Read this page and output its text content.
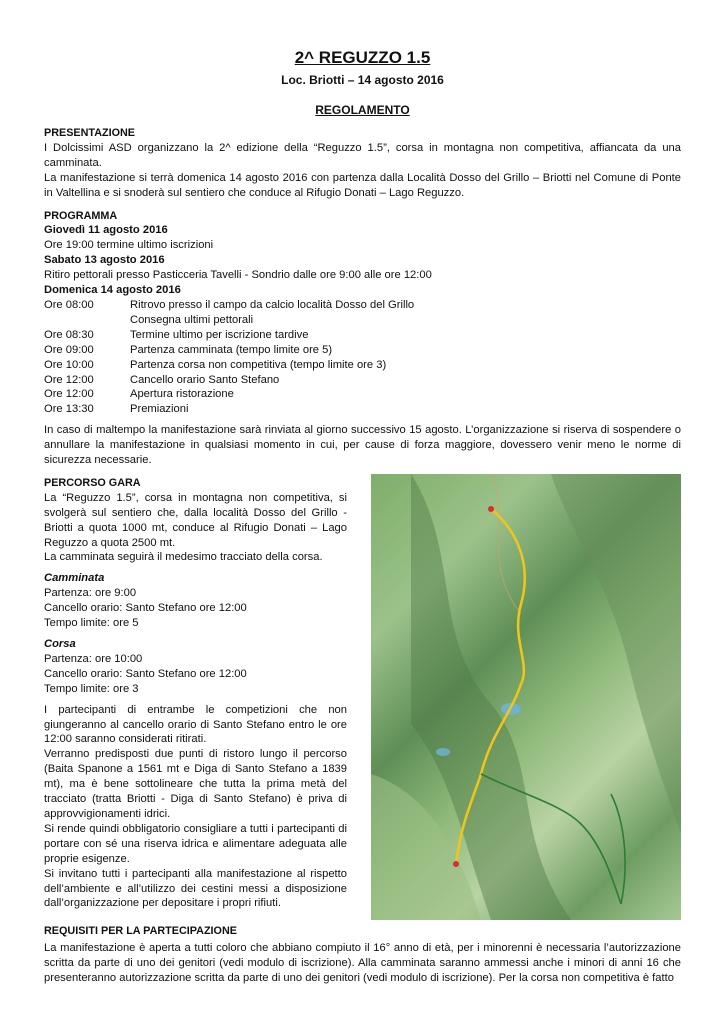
2^ REGUZZO 1.5
Loc. Briotti – 14 agosto 2016
REGOLAMENTO
PRESENTAZIONE

I Dolcissimi ASD organizzano la 2^ edizione della “Reguzzo 1.5”, corsa in montagna non competitiva, affiancata da una camminata.

La manifestazione si terrà domenica 14 agosto 2016 con partenza dalla Località Dosso del Grillo – Briotti nel Comune di Ponte in Valtellina e si snoderà sul sentiero che conduce al Rifugio Donati – Lago Reguzzo.

PROGRAMMA
Giovedì 11 agosto 2016
Ore 19:00 termine ultimo iscrizioni
Sabato 13 agosto 2016
Ritiro pettorali presso Pasticceria Tavelli - Sondrio dalle ore 9:00 alle ore 12:00
Domenica 14 agosto 2016
Ore 08:00	Ritrovo presso il campo da calcio località Dosso del Grillo
Consegna ultimi pettorali
Ore 08:30	Termine ultimo per iscrizione tardive
Ore 09:00	Partenza camminata (tempo limite ore 5)
Ore 10:00	Partenza corsa non competitiva (tempo limite ore 3)
Ore 12:00	Cancello orario Santo Stefano
Ore 12:00	Apertura ristorazione
Ore 13:30	Premiazioni

In caso di maltempo la manifestazione sarà rinviata al giorno successivo 15 agosto. L’organizzazione si riserva di sospendere o annullare la manifestazione in qualsiasi momento in cui, per cause di forza maggiore, dovessero venir meno le norme di sicurezza necessarie.

PERCORSO GARA

La “Reguzzo 1.5”, corsa in montagna non competitiva, si svolgerà sul sentiero che, dalla località Dosso del Grillo - Briotti a quota 1000 mt, conduce al Rifugio Donati – Lago Reguzzo a quota 2500 mt.

La camminata seguirà il medesimo tracciato della corsa.

Camminata
Partenza: ore 9:00
Cancello orario: Santo Stefano ore 12:00
Tempo limite: ore 5
Corsa
Partenza: ore 10:00
Cancello orario: Santo Stefano ore 12:00
Tempo limite: ore 3

I partecipanti di entrambe le competizioni che non giungeranno al cancello orario di Santo Stefano entro le ore 12:00 saranno considerati ritirati.

Verranno predisposti due punti di ristoro lungo il percorso (Baita Spanone a 1561 mt e Diga di Santo Stefano a 1839 mt), ma è bene sottolineare che tutta la prima metà del tracciato (tratta Briotti - Diga di Santo Stefano) è priva di approvvigionamenti idrici.

Si rende quindi obbligatorio consigliare a tutti i partecipanti di portare con sé una riserva idrica e alimentare adeguata alle proprie esigenze.

Si invitano tutti i partecipanti alla manifestazione al rispetto dell’ambiente e all’utilizzo dei cestini messi a disposizione dall’organizzazione per depositare i propri rifiuti.

REQUISITI PER LA PARTECIPAZIONE

La manifestazione è aperta a tutti coloro che abbiano compiuto il 16° anno di età, per i minorenni è necessaria l’autorizzazione scritta da parte di uno dei genitori (vedi modulo di iscrizione). Alla camminata saranno ammessi anche i minori di anni 16 che presenteranno autorizzazione scritta da parte di uno dei genitori (vedi modulo di iscrizione). Per la corsa non competitiva è fatto
